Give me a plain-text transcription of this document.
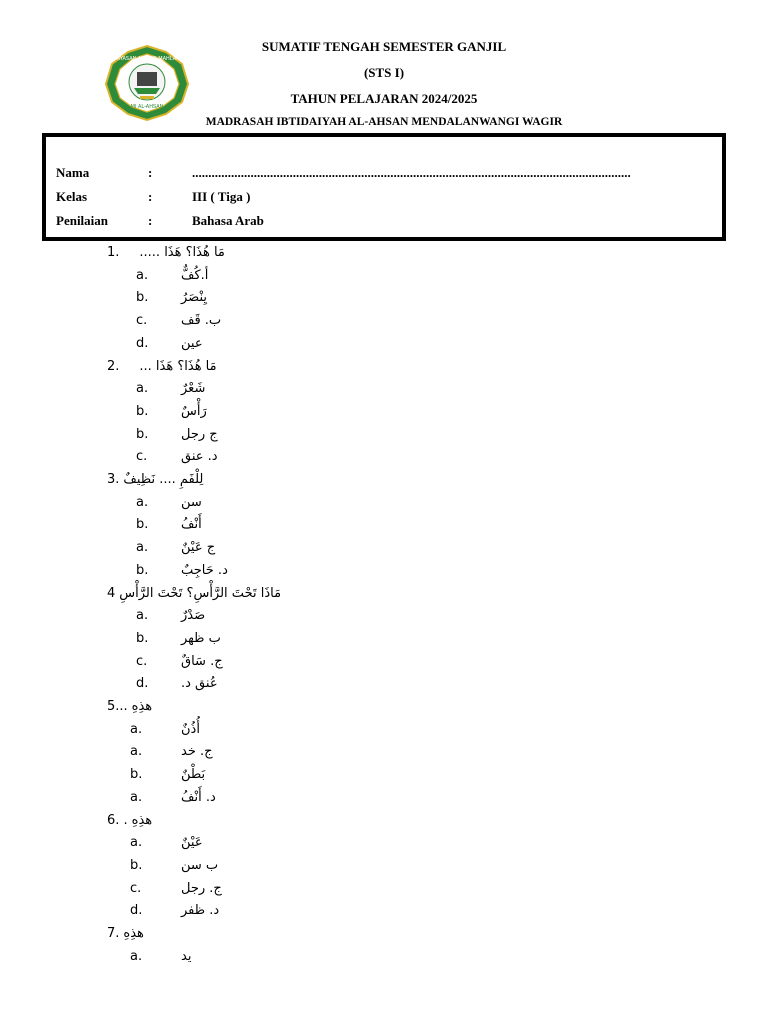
YAYASAN AHMAD MAHLAN
MI AL-AHSAN
SUMATIF TENGAH SEMESTER GANJIL
(STS I)
TAHUN PELAJARAN 2024/2025
MADRASAH IBTIDAIYAH AL-AHSAN MENDALANWANGI WAGIR
Nama	:	.......................................................................................................................................
Kelas	:	III ( Tiga )
Penilaian	:	Bahasa Arab
1. مَا هُذَا؟ هَذَا .....
a.	أ.كُفٌّ
b.	يِنْصَرُ
c.	ب. قَف
d.	عين
2. مَا هُذَا؟ هَذَا ...
a.	شَعْرٌ
b.	رَأْسٌ
b.	ج رجل
c.	د. عنق
3. لِلْفَمِ .... نَظِيفٌ
a.	سن
b.	أَنْفُ
a.	ج عَيْنٌ
b.	د. حَاجِبٌ
4 مَاذَا تَحْتَ الرَّأْسِ؟ تَحْتَ الرَّأْسِ
a.	صَدْرٌ
b.	ب ظهر
c.	ج. سَاقٌ
d.	عُنق د.
5... هذِهِ
a.	أُذُنٌ
a.	ج. خد
b.	بَطْنٌ
a.	د. أَنْفُ
6. . هذِهِ
a.	عَيْنٌ
b.	ب سن
c.	ج. رجل
d.	د. ظفر
7. هذِهِ
a.	يد
